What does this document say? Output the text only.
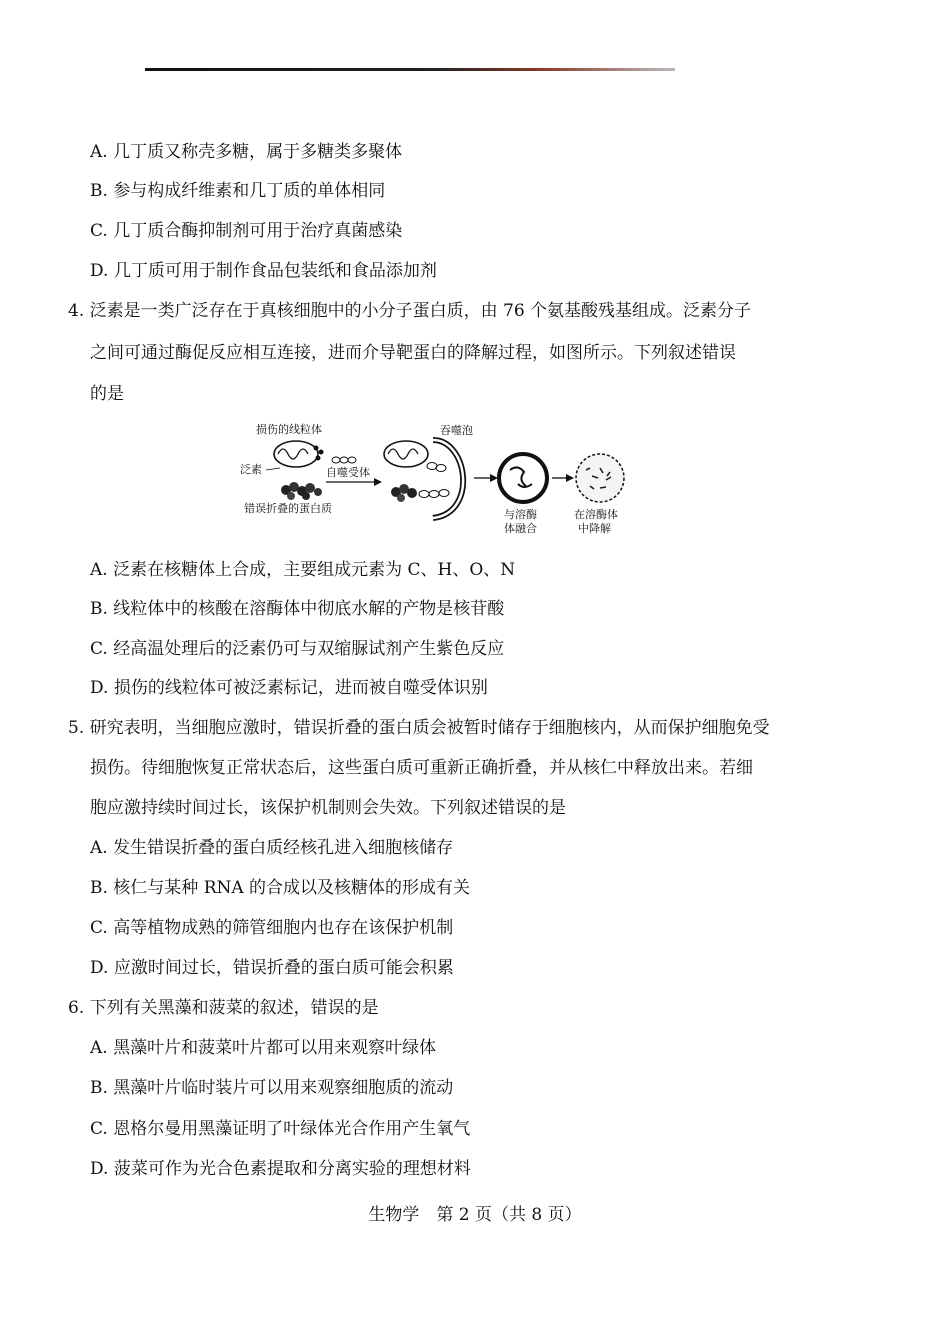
A. 几丁质又称壳多糖，属于多糖类多聚体
B. 参与构成纤维素和几丁质的单体相同
C. 几丁质合酶抑制剂可用于治疗真菌感染
D. 几丁质可用于制作食品包装纸和食品添加剂
4. 泛素是一类广泛存在于真核细胞中的小分子蛋白质，由 76 个氨基酸残基组成。泛素分子
之间可通过酶促反应相互连接，进而介导靶蛋白的降解过程，如图所示。下列叙述错误
的是
损伤的线粒体
泛素
错误折叠的蛋白质
自噬受体
吞噬泡
与溶酶
体融合
在溶酶体
中降解
A. 泛素在核糖体上合成，主要组成元素为 C、H、O、N
B. 线粒体中的核酸在溶酶体中彻底水解的产物是核苷酸
C. 经高温处理后的泛素仍可与双缩脲试剂产生紫色反应
D. 损伤的线粒体可被泛素标记，进而被自噬受体识别
5. 研究表明，当细胞应激时，错误折叠的蛋白质会被暂时储存于细胞核内，从而保护细胞免受
损伤。待细胞恢复正常状态后，这些蛋白质可重新正确折叠，并从核仁中释放出来。若细
胞应激持续时间过长，该保护机制则会失效。下列叙述错误的是
A. 发生错误折叠的蛋白质经核孔进入细胞核储存
B. 核仁与某种 RNA 的合成以及核糖体的形成有关
C. 高等植物成熟的筛管细胞内也存在该保护机制
D. 应激时间过长，错误折叠的蛋白质可能会积累
6. 下列有关黑藻和菠菜的叙述，错误的是
A. 黑藻叶片和菠菜叶片都可以用来观察叶绿体
B. 黑藻叶片临时装片可以用来观察细胞质的流动
C. 恩格尔曼用黑藻证明了叶绿体光合作用产生氧气
D. 菠菜可作为光合色素提取和分离实验的理想材料
生物学　第 2 页（共 8 页）
